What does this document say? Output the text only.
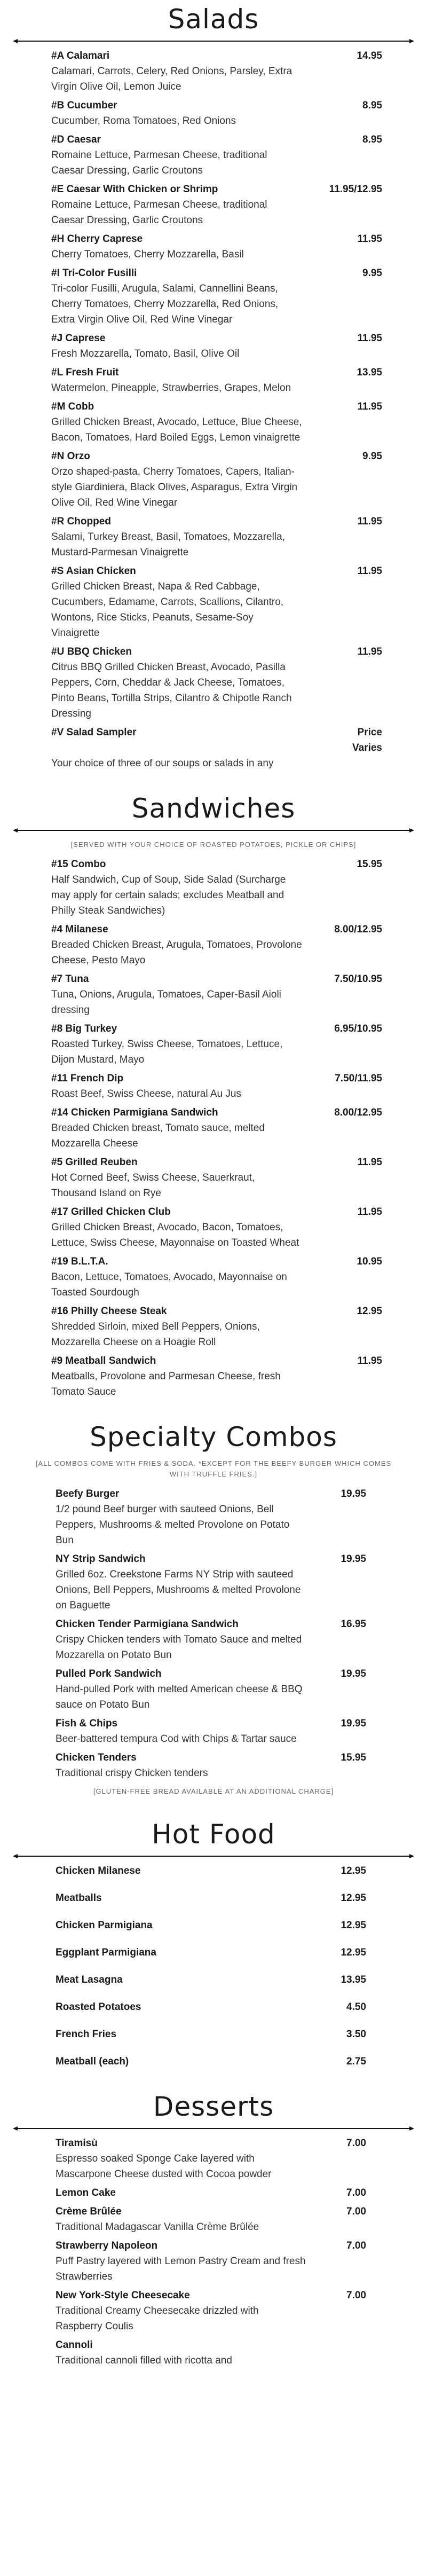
Salads
#A Calamari	14.95
Calamari, Carrots, Celery, Red Onions, Parsley, Extra Virgin Olive Oil, Lemon Juice
#B Cucumber	8.95
Cucumber, Roma Tomatoes, Red Onions
#D Caesar	8.95
Romaine Lettuce, Parmesan Cheese, traditional Caesar Dressing, Garlic Croutons
#E Caesar With Chicken or Shrimp	11.95/12.95
Romaine Lettuce, Parmesan Cheese, traditional Caesar Dressing, Garlic Croutons
#H Cherry Caprese	11.95
Cherry Tomatoes, Cherry Mozzarella, Basil
#I Tri-Color Fusilli	9.95
Tri-color Fusilli, Arugula, Salami, Cannellini Beans, Cherry Tomatoes, Cherry Mozzarella, Red Onions, Extra Virgin Olive Oil, Red Wine Vinegar
#J Caprese	11.95
Fresh Mozzarella, Tomato, Basil, Olive Oil
#L Fresh Fruit	13.95
Watermelon, Pineapple, Strawberries, Grapes, Melon
#M Cobb	11.95
Grilled Chicken Breast, Avocado, Lettuce, Blue Cheese, Bacon, Tomatoes, Hard Boiled Eggs, Lemon vinaigrette
#N Orzo	9.95
Orzo shaped-pasta, Cherry Tomatoes, Capers, Italian-style Giardiniera, Black Olives, Asparagus, Extra Virgin Olive Oil, Red Wine Vinegar
#R Chopped	11.95
Salami, Turkey Breast, Basil, Tomatoes, Mozzarella, Mustard-Parmesan Vinaigrette
#S Asian Chicken	11.95
Grilled Chicken Breast, Napa & Red Cabbage, Cucumbers, Edamame, Carrots, Scallions, Cilantro, Wontons, Rice Sticks, Peanuts, Sesame-Soy Vinaigrette
#U BBQ Chicken	11.95
Citrus BBQ Grilled Chicken Breast, Avocado, Pasilla Peppers, Corn, Cheddar & Jack Cheese, Tomatoes, Pinto Beans, Tortilla Strips, Cilantro & Chipotle Ranch Dressing
#V Salad Sampler	Price
Varies
Your choice of three of our soups or salads in any
Sandwiches
[SERVED WITH YOUR CHOICE OF ROASTED POTATOES, PICKLE OR CHIPS]
#15 Combo	15.95
Half Sandwich, Cup of Soup, Side Salad (Surcharge may apply for certain salads; excludes Meatball and Philly Steak Sandwiches)
#4 Milanese	8.00/12.95
Breaded Chicken Breast, Arugula, Tomatoes, Provolone Cheese, Pesto Mayo
#7 Tuna	7.50/10.95
Tuna, Onions, Arugula, Tomatoes, Caper-Basil Aioli dressing
#8 Big Turkey	6.95/10.95
Roasted Turkey, Swiss Cheese, Tomatoes, Lettuce, Dijon Mustard, Mayo
#11 French Dip	7.50/11.95
Roast Beef, Swiss Cheese, natural Au Jus
#14 Chicken Parmigiana Sandwich	8.00/12.95
Breaded Chicken breast, Tomato sauce, melted Mozzarella Cheese
#5 Grilled Reuben	11.95
Hot Corned Beef, Swiss Cheese, Sauerkraut, Thousand Island on Rye
#17 Grilled Chicken Club	11.95
Grilled Chicken Breast, Avocado, Bacon, Tomatoes, Lettuce, Swiss Cheese, Mayonnaise on Toasted Wheat
#19 B.L.T.A.	10.95
Bacon, Lettuce, Tomatoes, Avocado, Mayonnaise on Toasted Sourdough
#16 Philly Cheese Steak	12.95
Shredded Sirloin, mixed Bell Peppers, Onions, Mozzarella Cheese on a Hoagie Roll
#9 Meatball Sandwich	11.95
Meatballs, Provolone and Parmesan Cheese, fresh Tomato Sauce
Specialty Combos
[ALL COMBOS COME WITH FRIES & SODA. *EXCEPT FOR THE BEEFY BURGER WHICH COMES WITH TRUFFLE FRIES.]
Beefy Burger	19.95
1/2 pound Beef burger with sauteed Onions, Bell Peppers, Mushrooms & melted Provolone on Potato Bun
NY Strip Sandwich	19.95
Grilled 6oz. Creekstone Farms NY Strip with sauteed Onions, Bell Peppers, Mushrooms & melted Provolone on Baguette
Chicken Tender Parmigiana Sandwich	16.95
Crispy Chicken tenders with Tomato Sauce and melted Mozzarella on Potato Bun
Pulled Pork Sandwich	19.95
Hand-pulled Pork with melted American cheese & BBQ sauce on Potato Bun
Fish & Chips	19.95
Beer-battered tempura Cod with Chips & Tartar sauce
Chicken Tenders	15.95
Traditional crispy Chicken tenders
[GLUTEN-FREE BREAD AVAILABLE AT AN ADDITIONAL CHARGE]
Hot Food
Chicken Milanese	12.95
Meatballs	12.95
Chicken Parmigiana	12.95
Eggplant Parmigiana	12.95
Meat Lasagna	13.95
Roasted Potatoes	4.50
French Fries	3.50
Meatball (each)	2.75
Desserts
Tiramisù	7.00
Espresso soaked Sponge Cake layered with Mascarpone Cheese dusted with Cocoa powder
Lemon Cake	7.00
Crème Brûlée	7.00
Traditional Madagascar Vanilla Crème Brûlée
Strawberry Napoleon	7.00
Puff Pastry layered with Lemon Pastry Cream and fresh Strawberries
New York-Style Cheesecake	7.00
Traditional Creamy Cheesecake drizzled with Raspberry Coulis
Cannoli
Traditional cannoli filled with ricotta and
